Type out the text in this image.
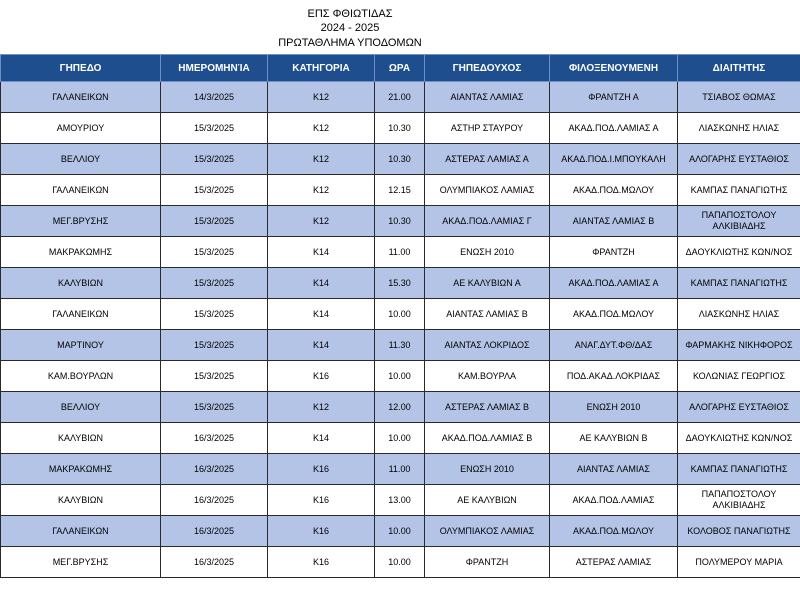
ΕΠΣ ΦΘΙΩΤΙΔΑΣ
2024 - 2025
ΠΡΩΤΑΘΛΗΜΑ ΥΠΟΔΟΜΩΝ
ΓΗΠΕΔΟ	ΗΜΕΡΟΜΗΝΊΑ	ΚΑΤΗΓΟΡΙΑ	ΩΡΑ	ΓΗΠΕΔΟΥΧΟΣ	ΦΙΛΟΞΕΝΟΥΜΕΝΗ	ΔΙΑΙΤΗΤΗΣ
ΓΑΛΑΝΕΙΚΩΝ	14/3/2025	Κ12	21.00	ΑΙΑΝΤΑΣ ΛΑΜΙΑΣ	ΦΡΑΝΤΖΗ Α	ΤΣΙΑΒΟΣ ΘΩΜΑΣ
ΑΜΟΥΡΙΟΥ	15/3/2025	Κ12	10.30	ΑΣΤΗΡ ΣΤΑΥΡΟΥ	ΑΚΑΔ.ΠΟΔ.ΛΑΜΙΑΣ Α	ΛΙΑΣΚΩΝΗΣ ΗΛΙΑΣ
ΒΕΛΛΙΟΥ	15/3/2025	Κ12	10.30	ΑΣΤΕΡΑΣ ΛΑΜΙΑΣ Α	ΑΚΑΔ.ΠΟΔ.Ι.ΜΠΟΥΚΑΛΗ	ΑΛΟΓΑΡΗΣ ΕΥΣΤΑΘΙΟΣ
ΓΑΛΑΝΕΙΚΩΝ	15/3/2025	Κ12	12.15	ΟΛΥΜΠΙΑΚΟΣ ΛΑΜΙΑΣ	ΑΚΑΔ.ΠΟΔ.ΜΩΛΟΥ	ΚΑΜΠΑΣ ΠΑΝΑΓΙΩΤΗΣ
ΜΕΓ.ΒΡΥΣΗΣ	15/3/2025	Κ12	10.30	ΑΚΑΔ.ΠΟΔ.ΛΑΜΙΑΣ Γ	ΑΙΑΝΤΑΣ ΛΑΜΙΑΣ Β	ΠΑΠΑΠΟΣΤΟΛΟΥ ΑΛΚΙΒΙΑΔΗΣ
ΜΑΚΡΑΚΩΜΗΣ	15/3/2025	Κ14	11.00	ΕΝΩΣΗ 2010	ΦΡΑΝΤΖΗ	ΔΑΟΥΚΛΙΩΤΗΣ ΚΩΝ/ΝΟΣ
ΚΑΛΥΒΙΩΝ	15/3/2025	Κ14	15.30	ΑΕ ΚΑΛΥΒΙΩΝ Α	ΑΚΑΔ.ΠΟΔ.ΛΑΜΙΑΣ Α	ΚΑΜΠΑΣ ΠΑΝΑΓΙΩΤΗΣ
ΓΑΛΑΝΕΙΚΩΝ	15/3/2025	Κ14	10.00	ΑΙΑΝΤΑΣ ΛΑΜΙΑΣ Β	ΑΚΑΔ.ΠΟΔ.ΜΩΛΟΥ	ΛΙΑΣΚΩΝΗΣ ΗΛΙΑΣ
ΜΑΡΤΙΝΟΥ	15/3/2025	Κ14	11.30	ΑΙΑΝΤΑΣ ΛΟΚΡΙΔΟΣ	ΑΝΑΓ.ΔΥΤ.ΦΘ/ΔΑΣ	ΦΑΡΜΑΚΗΣ ΝΙΚΗΦΟΡΟΣ
ΚΑΜ.ΒΟΥΡΛΩΝ	15/3/2025	Κ16	10.00	ΚΑΜ.ΒΟΥΡΛΑ	ΠΟΔ.ΑΚΑΔ.ΛΟΚΡΙΔΑΣ	ΚΟΛΩΝΙΑΣ ΓΕΩΡΓΙΟΣ
ΒΕΛΛΙΟΥ	15/3/2025	Κ12	12.00	ΑΣΤΕΡΑΣ ΛΑΜΙΑΣ Β	ΕΝΩΣΗ 2010	ΑΛΟΓΑΡΗΣ ΕΥΣΤΑΘΙΟΣ
ΚΑΛΥΒΙΩΝ	16/3/2025	Κ14	10.00	ΑΚΑΔ.ΠΟΔ.ΛΑΜΙΑΣ Β	ΑΕ ΚΑΛΥΒΙΩΝ Β	ΔΑΟΥΚΛΙΩΤΗΣ ΚΩΝ/ΝΟΣ
ΜΑΚΡΑΚΩΜΗΣ	16/3/2025	Κ16	11.00	ΕΝΩΣΗ 2010	ΑΙΑΝΤΑΣ ΛΑΜΙΑΣ	ΚΑΜΠΑΣ ΠΑΝΑΓΙΩΤΗΣ
ΚΑΛΥΒΙΩΝ	16/3/2025	Κ16	13.00	ΑΕ ΚΑΛΥΒΙΩΝ	ΑΚΑΔ.ΠΟΔ.ΛΑΜΙΑΣ	ΠΑΠΑΠΟΣΤΟΛΟΥ ΑΛΚΙΒΙΑΔΗΣ
ΓΑΛΑΝΕΙΚΩΝ	16/3/2025	Κ16	10.00	ΟΛΥΜΠΙΑΚΟΣ ΛΑΜΙΑΣ	ΑΚΑΔ.ΠΟΔ.ΜΩΛΟΥ	ΚΟΛΟΒΟΣ ΠΑΝΑΓΙΩΤΗΣ
ΜΕΓ.ΒΡΥΣΗΣ	16/3/2025	Κ16	10.00	ΦΡΑΝΤΖΗ	ΑΣΤΕΡΑΣ ΛΑΜΙΑΣ	ΠΟΛΥΜΕΡΟΥ ΜΑΡΙΑ
